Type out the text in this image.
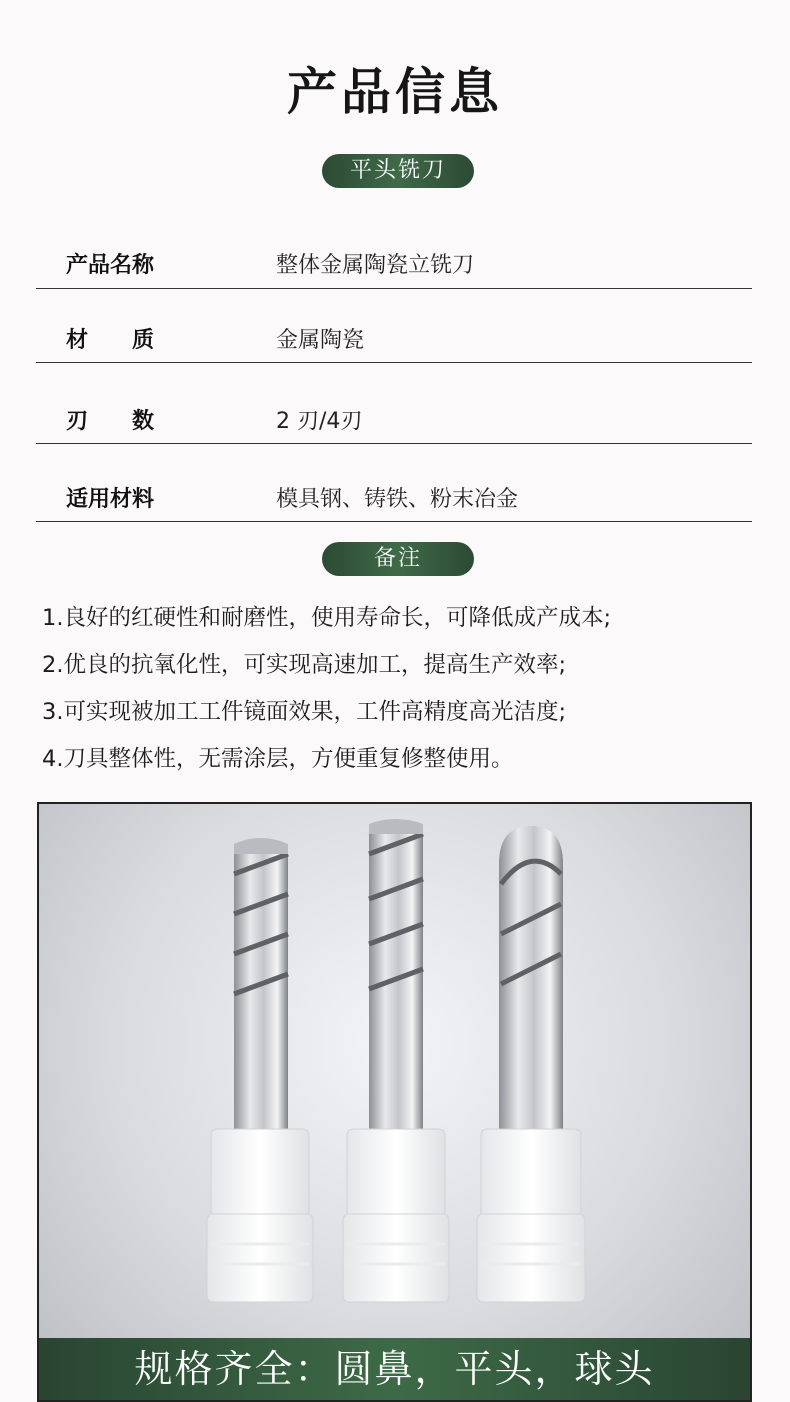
产品信息
平头铣刀
产品名称	整体金属陶瓷立铣刀
材　　质	金属陶瓷
刃　　数	2 刃/4刃
适用材料	模具钢、铸铁、粉末冶金
备注
1.良好的红硬性和耐磨性，使用寿命长，可降低成产成本;
2.优良的抗氧化性，可实现高速加工，提高生产效率;
3.可实现被加工工件镜面效果，工件高精度高光洁度;
4.刀具整体性，无需涂层，方便重复修整使用。
规格齐全：圆鼻，平头，球头
